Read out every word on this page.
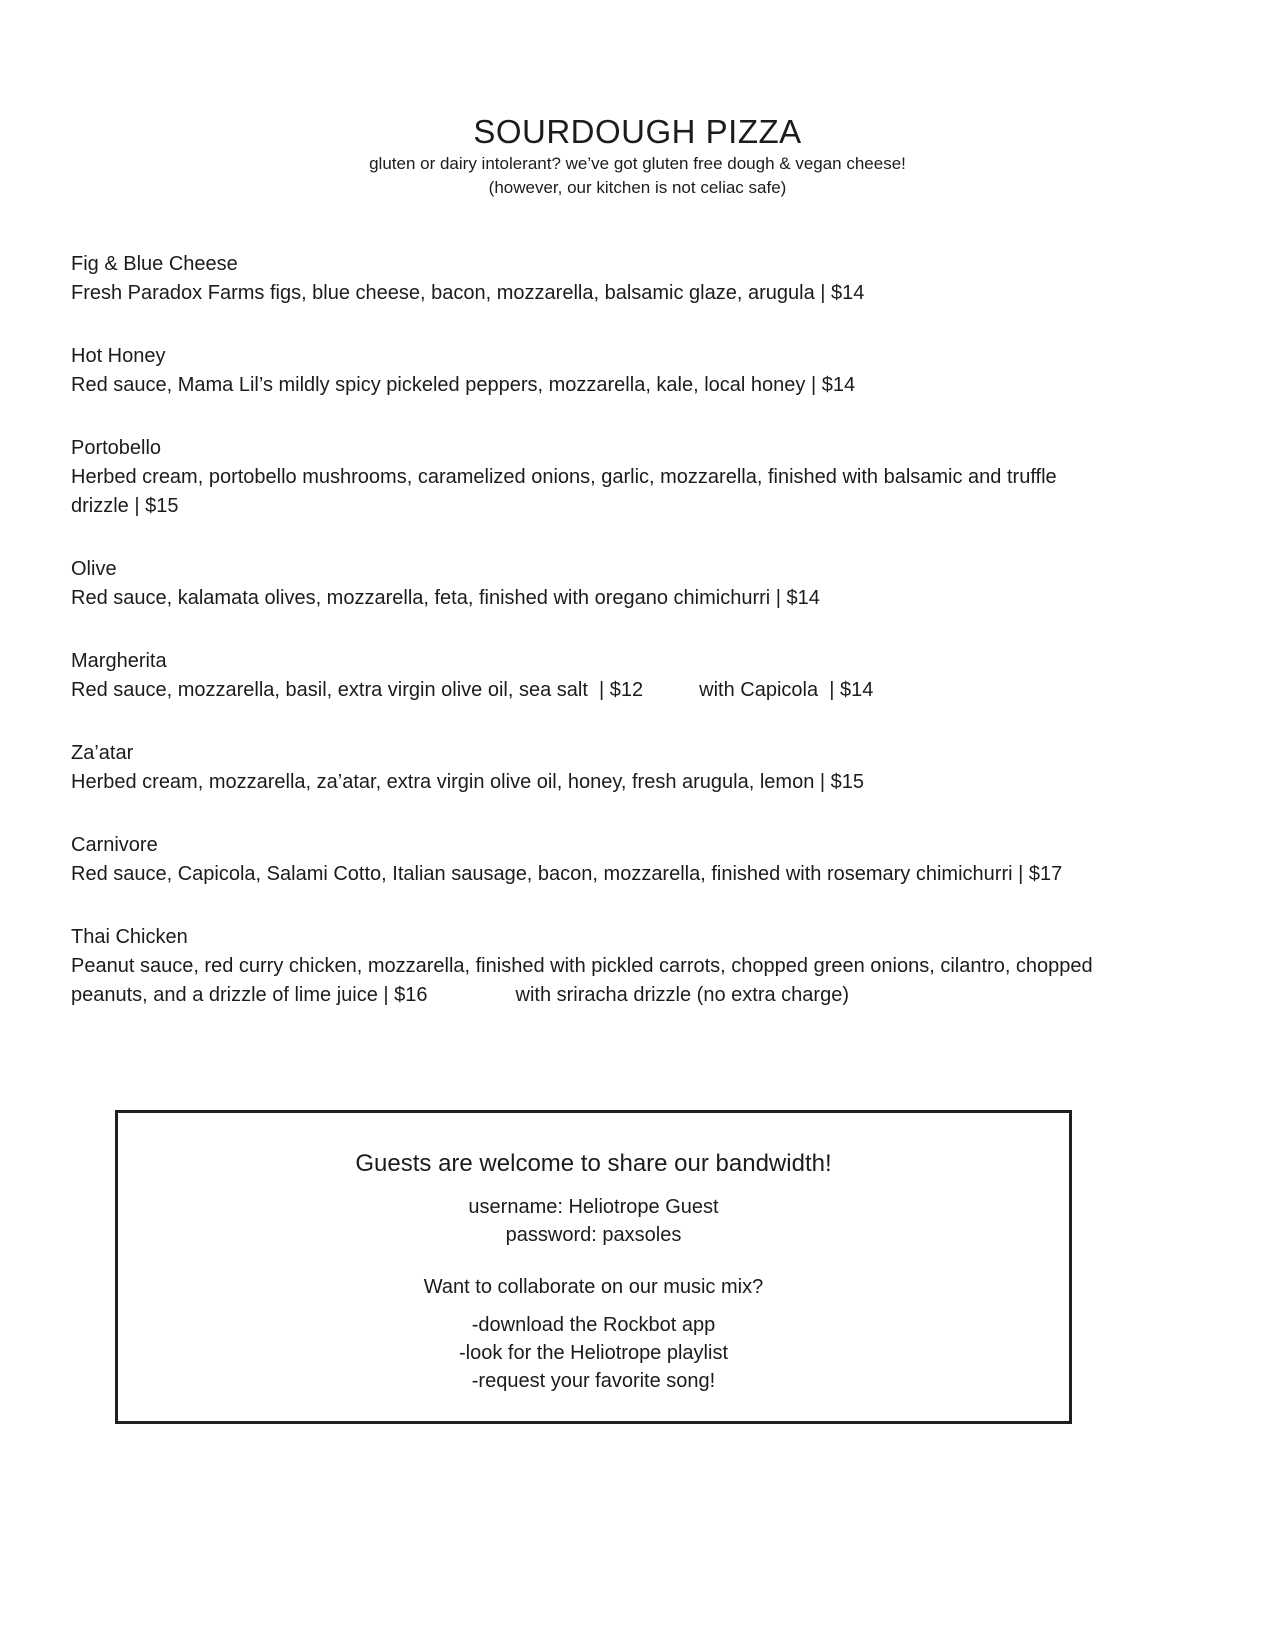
SOURDOUGH PIZZA
gluten or dairy intolerant? we’ve got gluten free dough & vegan cheese!
(however, our kitchen is not celiac safe)
Fig & Blue Cheese
Fresh Paradox Farms figs, blue cheese, bacon, mozzarella, balsamic glaze, arugula | $14
Hot Honey
Red sauce, Mama Lil’s mildly spicy pickeled peppers, mozzarella, kale, local honey | $14
Portobello
Herbed cream, portobello mushrooms, caramelized onions, garlic, mozzarella, finished with balsamic and truffle drizzle | $15
Olive
Red sauce, kalamata olives, mozzarella, feta, finished with oregano chimichurri | $14
Margherita
Red sauce, mozzarella, basil, extra virgin olive oil, sea salt  | $12	with Capicola  | $14
Za’atar
Herbed cream, mozzarella, za’atar, extra virgin olive oil, honey, fresh arugula, lemon | $15
Carnivore
Red sauce, Capicola, Salami Cotto, Italian sausage, bacon, mozzarella, finished with rosemary chimichurri | $17
Thai Chicken
Peanut sauce, red curry chicken, mozzarella, finished with pickled carrots, chopped green onions, cilantro, chopped peanuts, and a drizzle of lime juice | $16	with sriracha drizzle (no extra charge)
Guests are welcome to share our bandwidth!
username: Heliotrope Guest
password: paxsoles
Want to collaborate on our music mix?
-download the Rockbot app
-look for the Heliotrope playlist
-request your favorite song!
